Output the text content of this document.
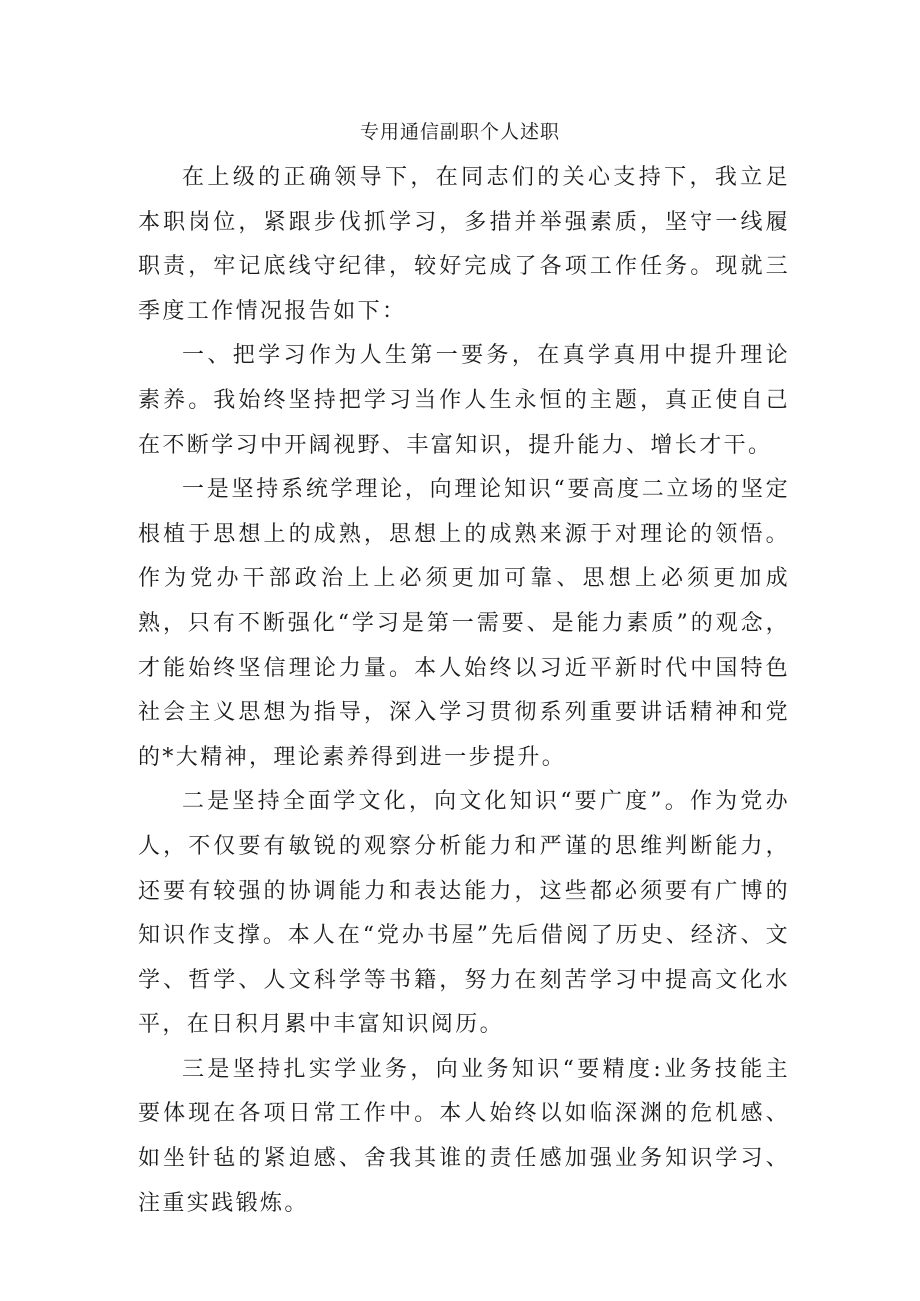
专用通信副职个人述职

在上级的正确领导下，在同志们的关心支持下，我立足本职岗位，紧跟步伐抓学习，多措并举强素质，坚守一线履职责，牢记底线守纪律，较好完成了各项工作任务。现就三季度工作情况报告如下：

一、把学习作为人生第一要务，在真学真用中提升理论素养。我始终坚持把学习当作人生永恒的主题，真正使自己在不断学习中开阔视野、丰富知识，提升能力、增长才干。

一是坚持系统学理论，向理论知识“要高度二立场的坚定根植于思想上的成熟，思想上的成熟来源于对理论的领悟。作为党办干部政治上上必须更加可靠、思想上必须更加成熟，只有不断强化“学习是第一需要、是能力素质”的观念，才能始终坚信理论力量。本人始终以习近平新时代中国特色社会主义思想为指导，深入学习贯彻系列重要讲话精神和党的*大精神，理论素养得到进一步提升。

二是坚持全面学文化，向文化知识“要广度”。作为党办人，不仅要有敏锐的观察分析能力和严谨的思维判断能力，还要有较强的协调能力和表达能力，这些都必须要有广博的知识作支撑。本人在“党办书屋”先后借阅了历史、经济、文学、哲学、人文科学等书籍，努力在刻苦学习中提高文化水平，在日积月累中丰富知识阅历。

三是坚持扎实学业务，向业务知识“要精度:业务技能主要体现在各项日常工作中。本人始终以如临深渊的危机感、如坐针毡的紧迫感、舍我其谁的责任感加强业务知识学习、注重实践锻炼。
